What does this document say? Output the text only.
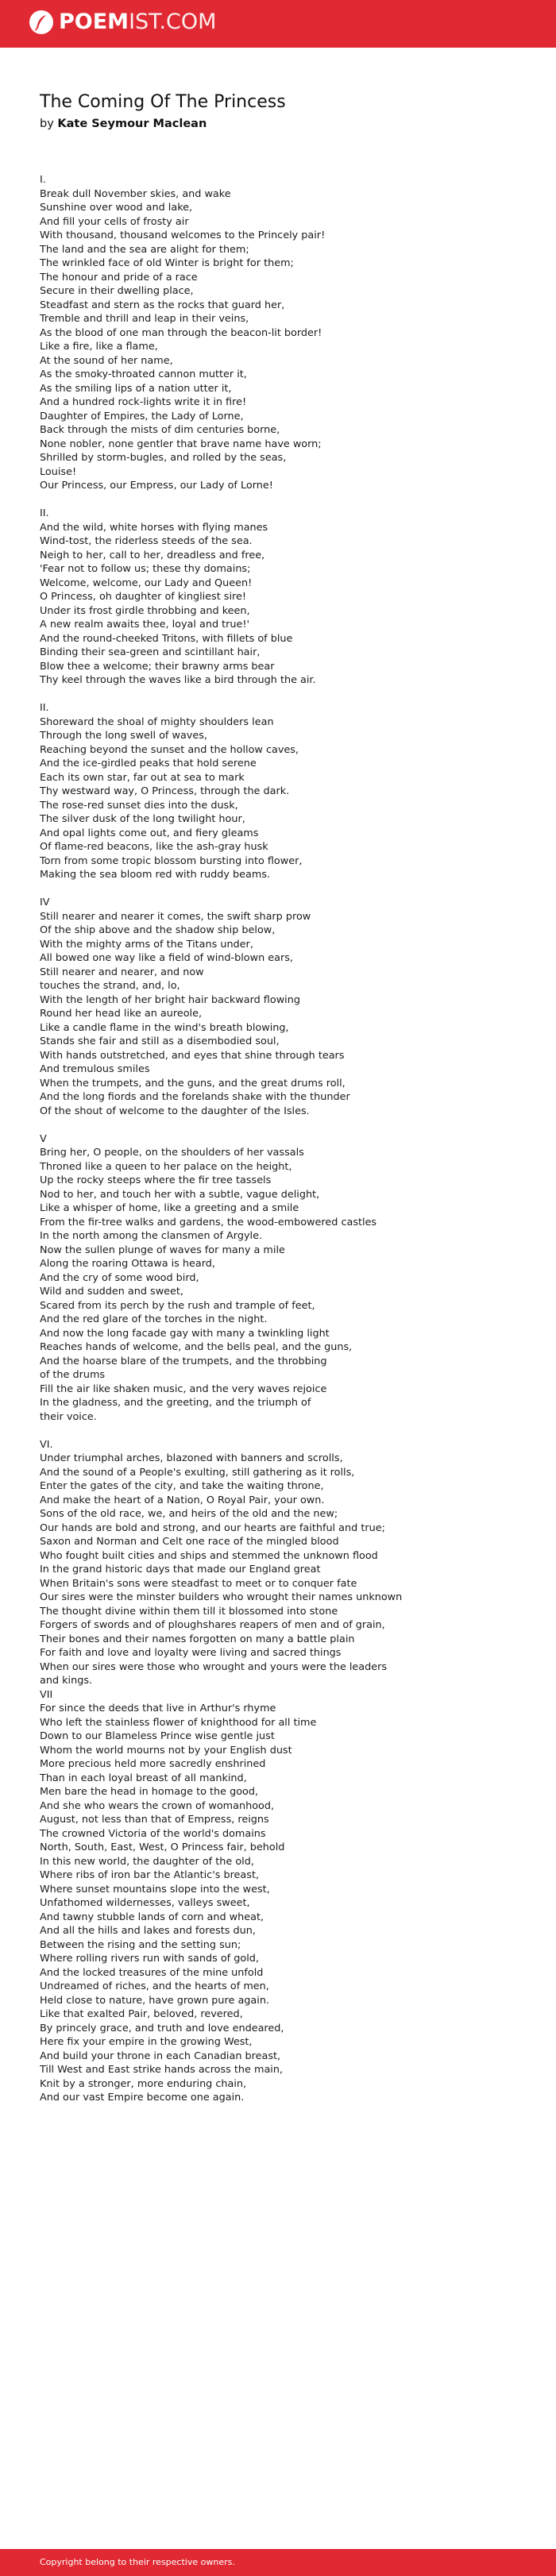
POEMIST.COM
The Coming Of The Princess
by Kate Seymour Maclean
I.
Break dull November skies, and wake
Sunshine over wood and lake,
And fill your cells of frosty air
With thousand, thousand welcomes to the Princely pair!
The land and the sea are alight for them;
The wrinkled face of old Winter is bright for them;
The honour and pride of a race
Secure in their dwelling place,
Steadfast and stern as the rocks that guard her,
Tremble and thrill and leap in their veins,
As the blood of one man through the beacon-lit border!
Like a fire, like a flame,
At the sound of her name,
As the smoky-throated cannon mutter it,
As the smiling lips of a nation utter it,
And a hundred rock-lights write it in fire!
Daughter of Empires, the Lady of Lorne,
Back through the mists of dim centuries borne,
None nobler, none gentler that brave name have worn;
Shrilled by storm-bugles, and rolled by the seas,
Louise!
Our Princess, our Empress, our Lady of Lorne!
II.
And the wild, white horses with flying manes
Wind-tost, the riderless steeds of the sea.
Neigh to her, call to her, dreadless and free,
'Fear not to follow us; these thy domains;
Welcome, welcome, our Lady and Queen!
O Princess, oh daughter of kingliest sire!
Under its frost girdle throbbing and keen,
A new realm awaits thee, loyal and true!'
And the round-cheeked Tritons, with fillets of blue
Binding their sea-green and scintillant hair,
Blow thee a welcome; their brawny arms bear
Thy keel through the waves like a bird through the air.
II.
Shoreward the shoal of mighty shoulders lean
Through the long swell of waves,
Reaching beyond the sunset and the hollow caves,
And the ice-girdled peaks that hold serene
Each its own star, far out at sea to mark
Thy westward way, O Princess, through the dark.
The rose-red sunset dies into the dusk,
The silver dusk of the long twilight hour,
And opal lights come out, and fiery gleams
Of flame-red beacons, like the ash-gray husk
Torn from some tropic blossom bursting into flower,
Making the sea bloom red with ruddy beams.
IV
Still nearer and nearer it comes, the swift sharp prow
Of the ship above and the shadow ship below,
With the mighty arms of the Titans under,
All bowed one way like a field of wind-blown ears,
Still nearer and nearer, and now
touches the strand, and, lo,
With the length of her bright hair backward flowing
Round her head like an aureole,
Like a candle flame in the wind's breath blowing,
Stands she fair and still as a disembodied soul,
With hands outstretched, and eyes that shine through tears
And tremulous smiles
When the trumpets, and the guns, and the great drums roll,
And the long fiords and the forelands shake with the thunder
Of the shout of welcome to the daughter of the Isles.
V
Bring her, O people, on the shoulders of her vassals
Throned like a queen to her palace on the height,
Up the rocky steeps where the fir tree tassels
Nod to her, and touch her with a subtle, vague delight,
Like a whisper of home, like a greeting and a smile
From the fir-tree walks and gardens, the wood-embowered castles
In the north among the clansmen of Argyle.
Now the sullen plunge of waves for many a mile
Along the roaring Ottawa is heard,
And the cry of some wood bird,
Wild and sudden and sweet,
Scared from its perch by the rush and trample of feet,
And the red glare of the torches in the night.
And now the long facade gay with many a twinkling light
Reaches hands of welcome, and the bells peal, and the guns,
And the hoarse blare of the trumpets, and the throbbing
of the drums
Fill the air like shaken music, and the very waves rejoice
In the gladness, and the greeting, and the triumph of
their voice.
VI.
Under triumphal arches, blazoned with banners and scrolls,
And the sound of a People's exulting, still gathering as it rolls,
Enter the gates of the city, and take the waiting throne,
And make the heart of a Nation, O Royal Pair, your own.
Sons of the old race, we, and heirs of the old and the new;
Our hands are bold and strong, and our hearts are faithful and true;
Saxon and Norman and Celt one race of the mingled blood
Who fought built cities and ships and stemmed the unknown flood
In the grand historic days that made our England great
When Britain's sons were steadfast to meet or to conquer fate
Our sires were the minster builders who wrought their names unknown
The thought divine within them till it blossomed into stone
Forgers of swords and of ploughshares reapers of men and of grain,
Their bones and their names forgotten on many a battle plain
For faith and love and loyalty were living and sacred things
When our sires were those who wrought and yours were the leaders
and kings.
VII
For since the deeds that live in Arthur's rhyme
Who left the stainless flower of knighthood for all time
Down to our Blameless Prince wise gentle just
Whom the world mourns not by your English dust
More precious held more sacredly enshrined
Than in each loyal breast of all mankind,
Men bare the head in homage to the good,
And she who wears the crown of womanhood,
August, not less than that of Empress, reigns
The crowned Victoria of the world's domains
North, South, East, West, O Princess fair, behold
In this new world, the daughter of the old,
Where ribs of iron bar the Atlantic's breast,
Where sunset mountains slope into the west,
Unfathomed wildernesses, valleys sweet,
And tawny stubble lands of corn and wheat,
And all the hills and lakes and forests dun,
Between the rising and the setting sun;
Where rolling rivers run with sands of gold,
And the locked treasures of the mine unfold
Undreamed of riches, and the hearts of men,
Held close to nature, have grown pure again.
Like that exalted Pair, beloved, revered,
By princely grace, and truth and love endeared,
Here fix your empire in the growing West,
And build your throne in each Canadian breast,
Till West and East strike hands across the main,
Knit by a stronger, more enduring chain,
And our vast Empire become one again.
Copyright belong to their respective owners.
